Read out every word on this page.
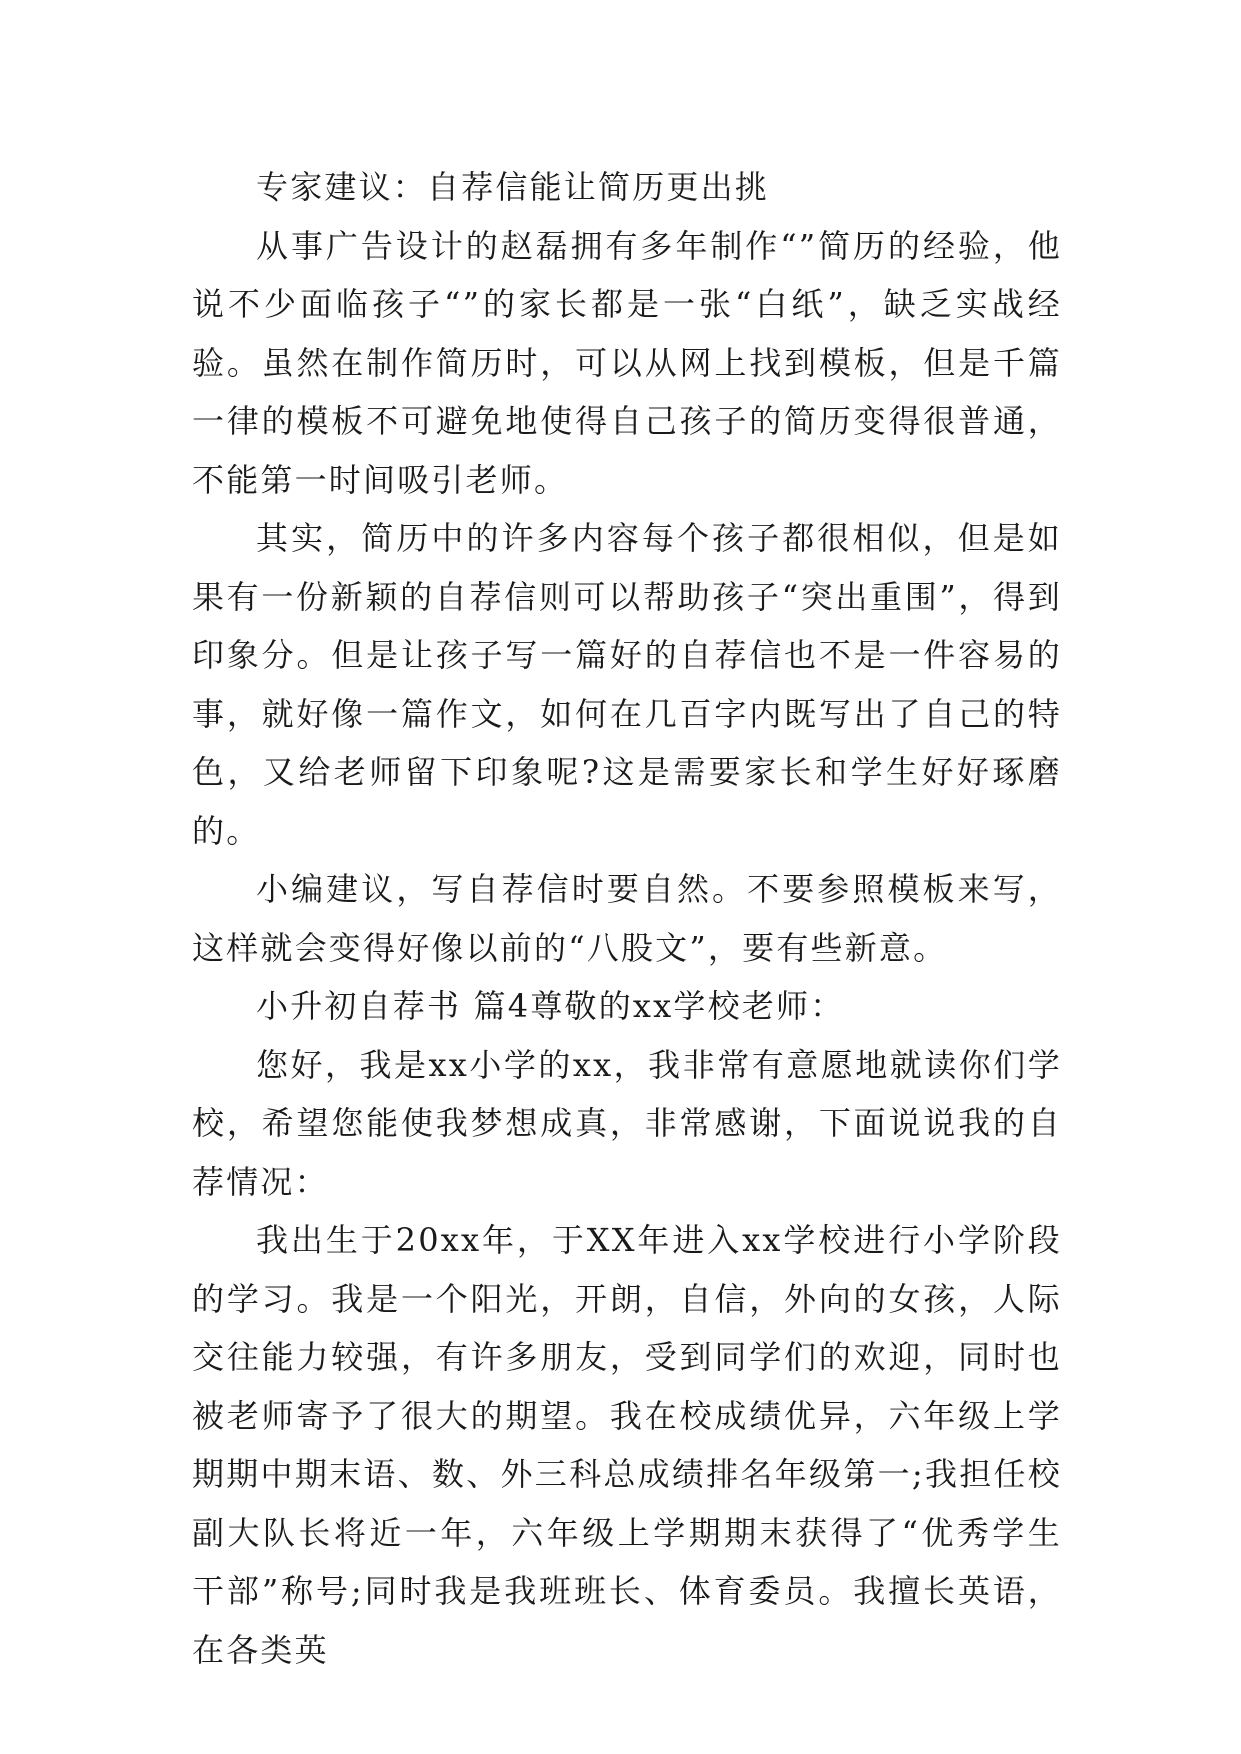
专家建议：自荐信能让简历更出挑

从事广告设计的赵磊拥有多年制作“”简历的经验，他说不少面临孩子“”的家长都是一张“白纸”，缺乏实战经验。虽然在制作简历时，可以从网上找到模板，但是千篇一律的模板不可避免地使得自己孩子的简历变得很普通，不能第一时间吸引老师。

其实，简历中的许多内容每个孩子都很相似，但是如果有一份新颖的自荐信则可以帮助孩子“突出重围”，得到印象分。但是让孩子写一篇好的自荐信也不是一件容易的事，就好像一篇作文，如何在几百字内既写出了自己的特色，又给老师留下印象呢?这是需要家长和学生好好琢磨的。

小编建议，写自荐信时要自然。不要参照模板来写，这样就会变得好像以前的“八股文”，要有些新意。

小升初自荐书 篇4尊敬的xx学校老师：

您好，我是xx小学的xx，我非常有意愿地就读你们学校，希望您能使我梦想成真，非常感谢，下面说说我的自荐情况：

我出生于20xx年，于XX年进入xx学校进行小学阶段的学习。我是一个阳光，开朗，自信，外向的女孩，人际交往能力较强，有许多朋友，受到同学们的欢迎，同时也被老师寄予了很大的期望。我在校成绩优异，六年级上学期期中期末语、数、外三科总成绩排名年级第一;我担任校副大队长将近一年，六年级上学期期末获得了“优秀学生干部”称号;同时我是我班班长、体育委员。我擅长英语，在各类英
